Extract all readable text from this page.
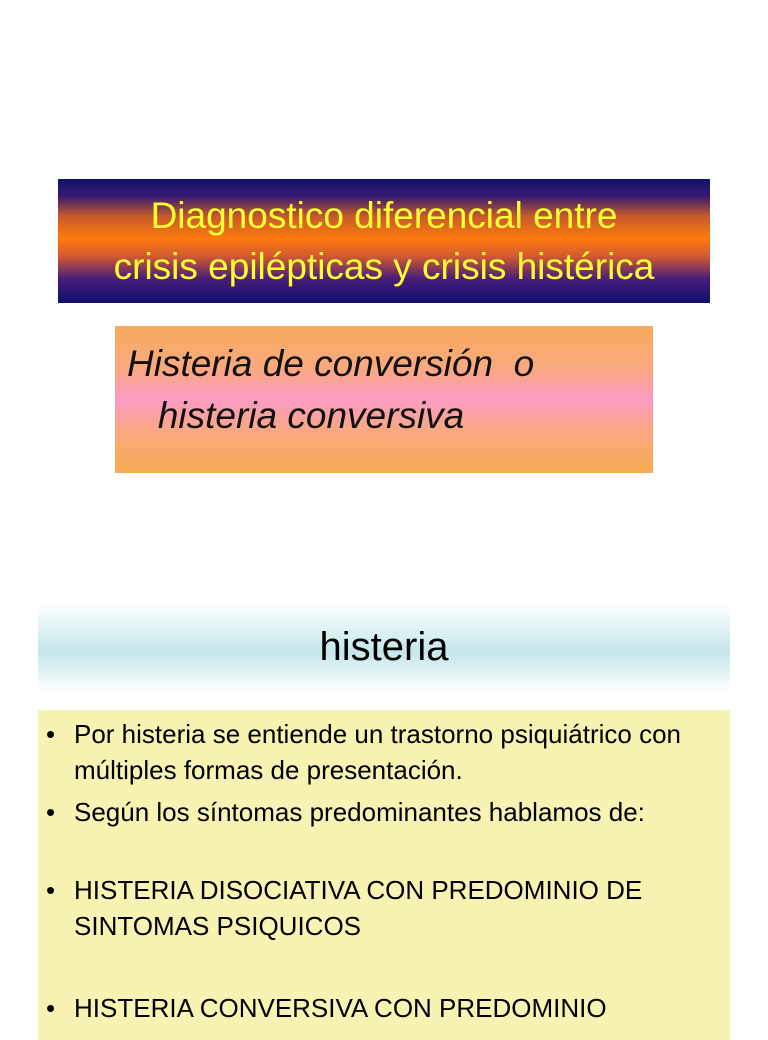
Diagnostico diferencial entre
crisis epilépticas y crisis histérica
Histeria de conversión  o
histeria conversiva
histeria
• Por histeria se entiende un trastorno psiquiátrico con múltiples formas de presentación.
• Según los síntomas predominantes hablamos de:
• HISTERIA DISOCIATIVA CON PREDOMINIO DE SINTOMAS PSIQUICOS
• HISTERIA CONVERSIVA CON PREDOMINIO
